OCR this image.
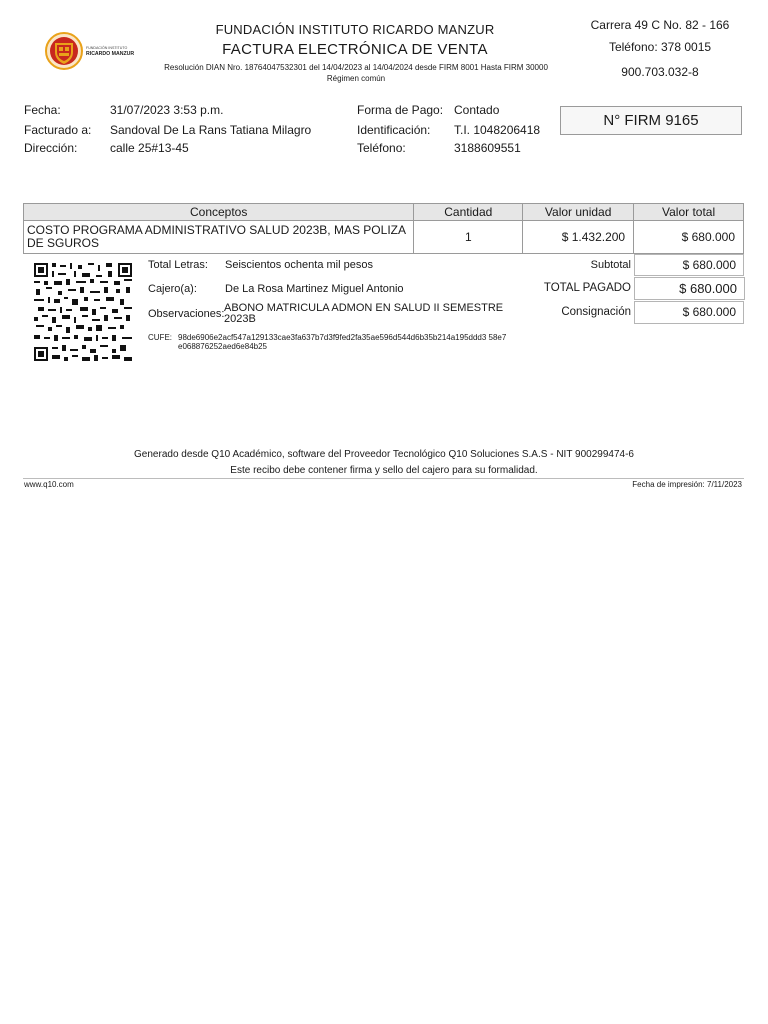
FUNDACIÓN INSTITUTO
RICARDO MANZUR
FUNDACIÓN INSTITUTO RICARDO MANZUR
FACTURA ELECTRÓNICA DE VENTA
Resolución DIAN Nro. 18764047532301 del 14/04/2023 al 14/04/2024 desde FIRM 8001 Hasta FIRM 30000
Régimen común
Carrera 49 C No. 82 - 166
Teléfono: 378 0015
900.703.032-8
Fecha:	31/07/2023 3:53 p.m.
Facturado a: Sandoval De La Rans Tatiana Milagro
Dirección:	calle 25#13-45
Forma de Pago: Contado
Identificación: T.I. 1048206418
Teléfono:	3188609551
N° FIRM 9165
Conceptos	Cantidad	Valor unidad	Valor total
COSTO PROGRAMA ADMINISTRATIVO SALUD 2023B, MAS POLIZA DE SGUROS	1	$ 1.432.200	$ 680.000
Total Letras: Seiscientos ochenta mil pesos
Cajero(a):	De La Rosa Martinez Miguel Antonio
Observaciones: ABONO MATRICULA ADMON EN SALUD II SEMESTRE 2023B
CUFE: 98de6906e2acf547a129133cae3fa637b7d3f9fed2fa35ae596d544d6b35b214a195ddd3 58e7e068876252aed6e84b25
Subtotal	$ 680.000
TOTAL PAGADO	$ 680.000
Consignación	$ 680.000
Generado desde Q10 Académico, software del Proveedor Tecnológico Q10 Soluciones S.A.S - NIT 900299474-6
Este recibo debe contener firma y sello del cajero para su formalidad.
www.q10.com	Fecha de impresión: 7/11/2023
